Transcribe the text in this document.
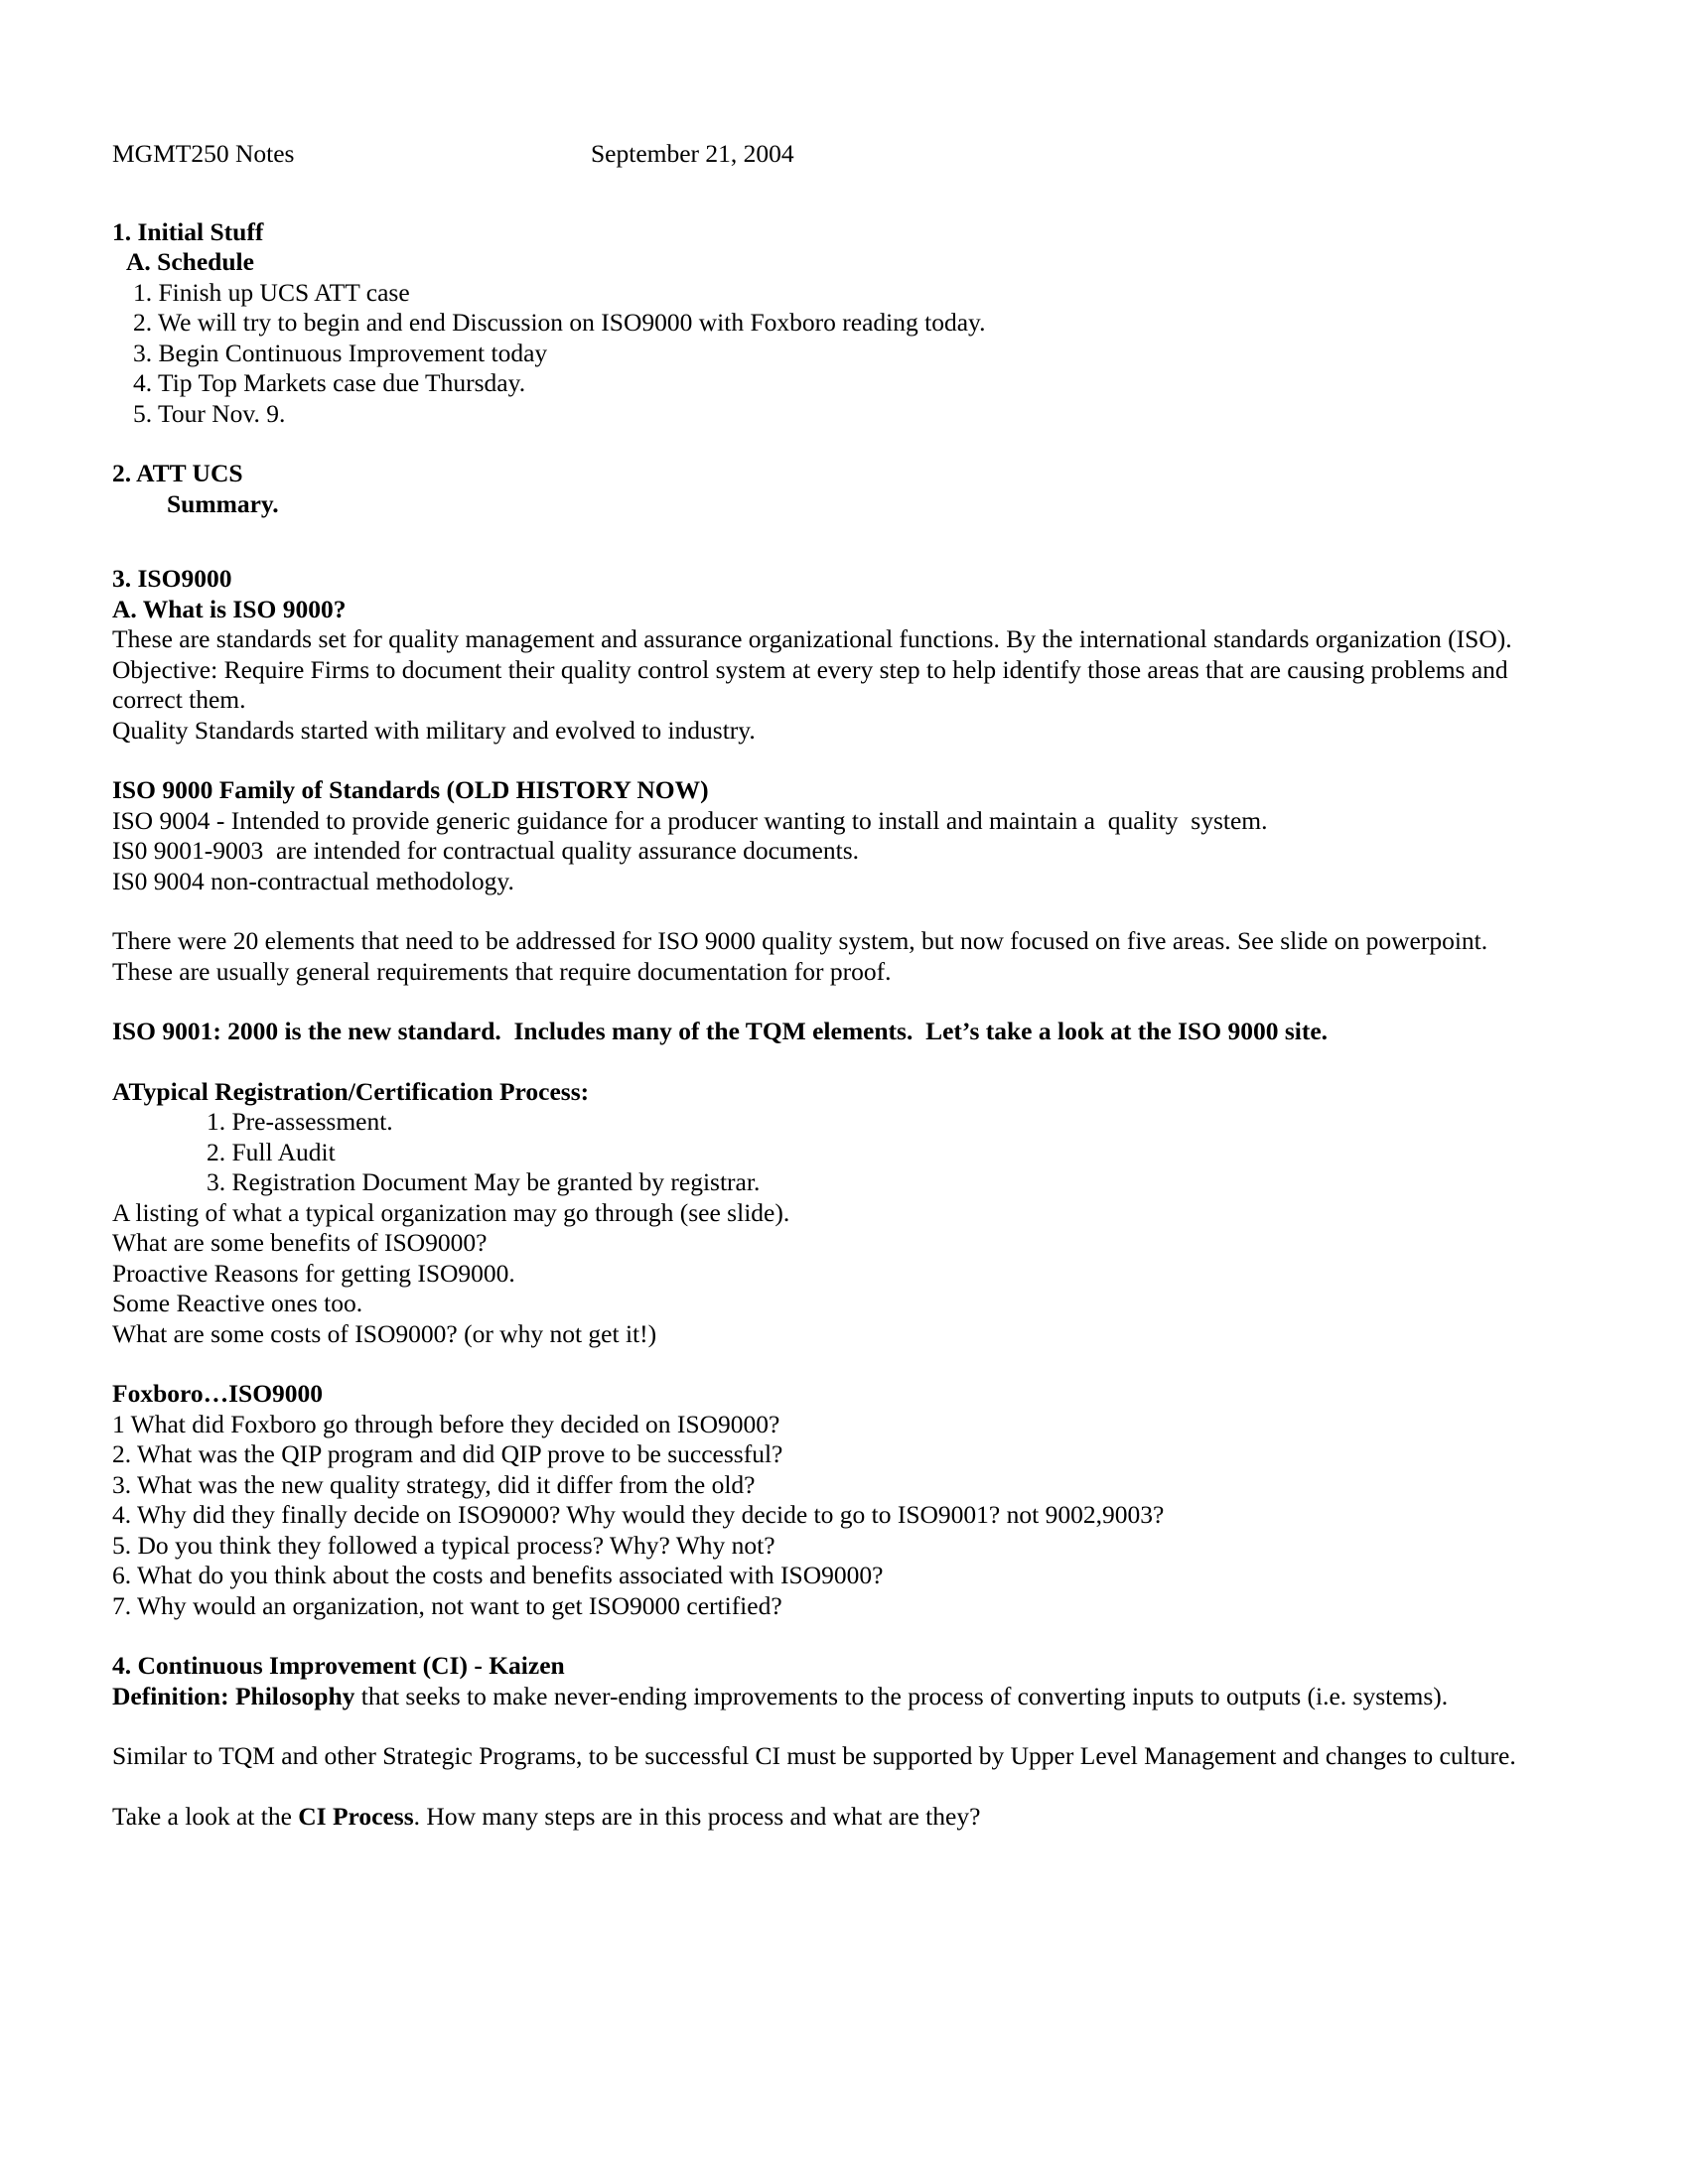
MGMT250 Notes	September 21, 2004

1. Initial Stuff

A. Schedule

1. Finish up UCS ATT case

2. We will try to begin and end Discussion on ISO9000 with Foxboro reading today.

3. Begin Continuous Improvement today

4. Tip Top Markets case due Thursday.

5. Tour Nov. 9.

2. ATT UCS

Summary.

3. ISO9000

A. What is ISO 9000?

These are standards set for quality management and assurance organizational functions. By the international standards organization (ISO).

Objective: Require Firms to document their quality control system at every step to help identify those areas that are causing problems and correct them.

Quality Standards started with military and evolved to industry.

ISO 9000 Family of Standards (OLD HISTORY NOW)

ISO 9004 - Intended to provide generic guidance for a producer wanting to install and maintain a  quality  system.

IS0 9001-9003  are intended for contractual quality assurance documents.

IS0 9004 non-contractual methodology.

There were 20 elements that need to be addressed for ISO 9000 quality system, but now focused on five areas. See slide on powerpoint. These are usually general requirements that require documentation for proof.

ISO 9001: 2000 is the new standard.  Includes many of the TQM elements.  Let’s take a look at the ISO 9000 site.

ATypical Registration/Certification Process:

1. Pre-assessment.

2. Full Audit

3. Registration Document May be granted by registrar.

A listing of what a typical organization may go through (see slide).

What are some benefits of ISO9000?

Proactive Reasons for getting ISO9000.

Some Reactive ones too.

What are some costs of ISO9000? (or why not get it!)

Foxboro…ISO9000

1 What did Foxboro go through before they decided on ISO9000?

2. What was the QIP program and did QIP prove to be successful?

3. What was the new quality strategy, did it differ from the old?

4. Why did they finally decide on ISO9000? Why would they decide to go to ISO9001? not 9002,9003?

5. Do you think they followed a typical process? Why? Why not?

6. What do you think about the costs and benefits associated with ISO9000?

7. Why would an organization, not want to get ISO9000 certified?

4. Continuous Improvement (CI) - Kaizen

Definition: Philosophy that seeks to make never-ending improvements to the process of converting inputs to outputs (i.e. systems).

Similar to TQM and other Strategic Programs, to be successful CI must be supported by Upper Level Management and changes to culture.

Take a look at the CI Process. How many steps are in this process and what are they?
